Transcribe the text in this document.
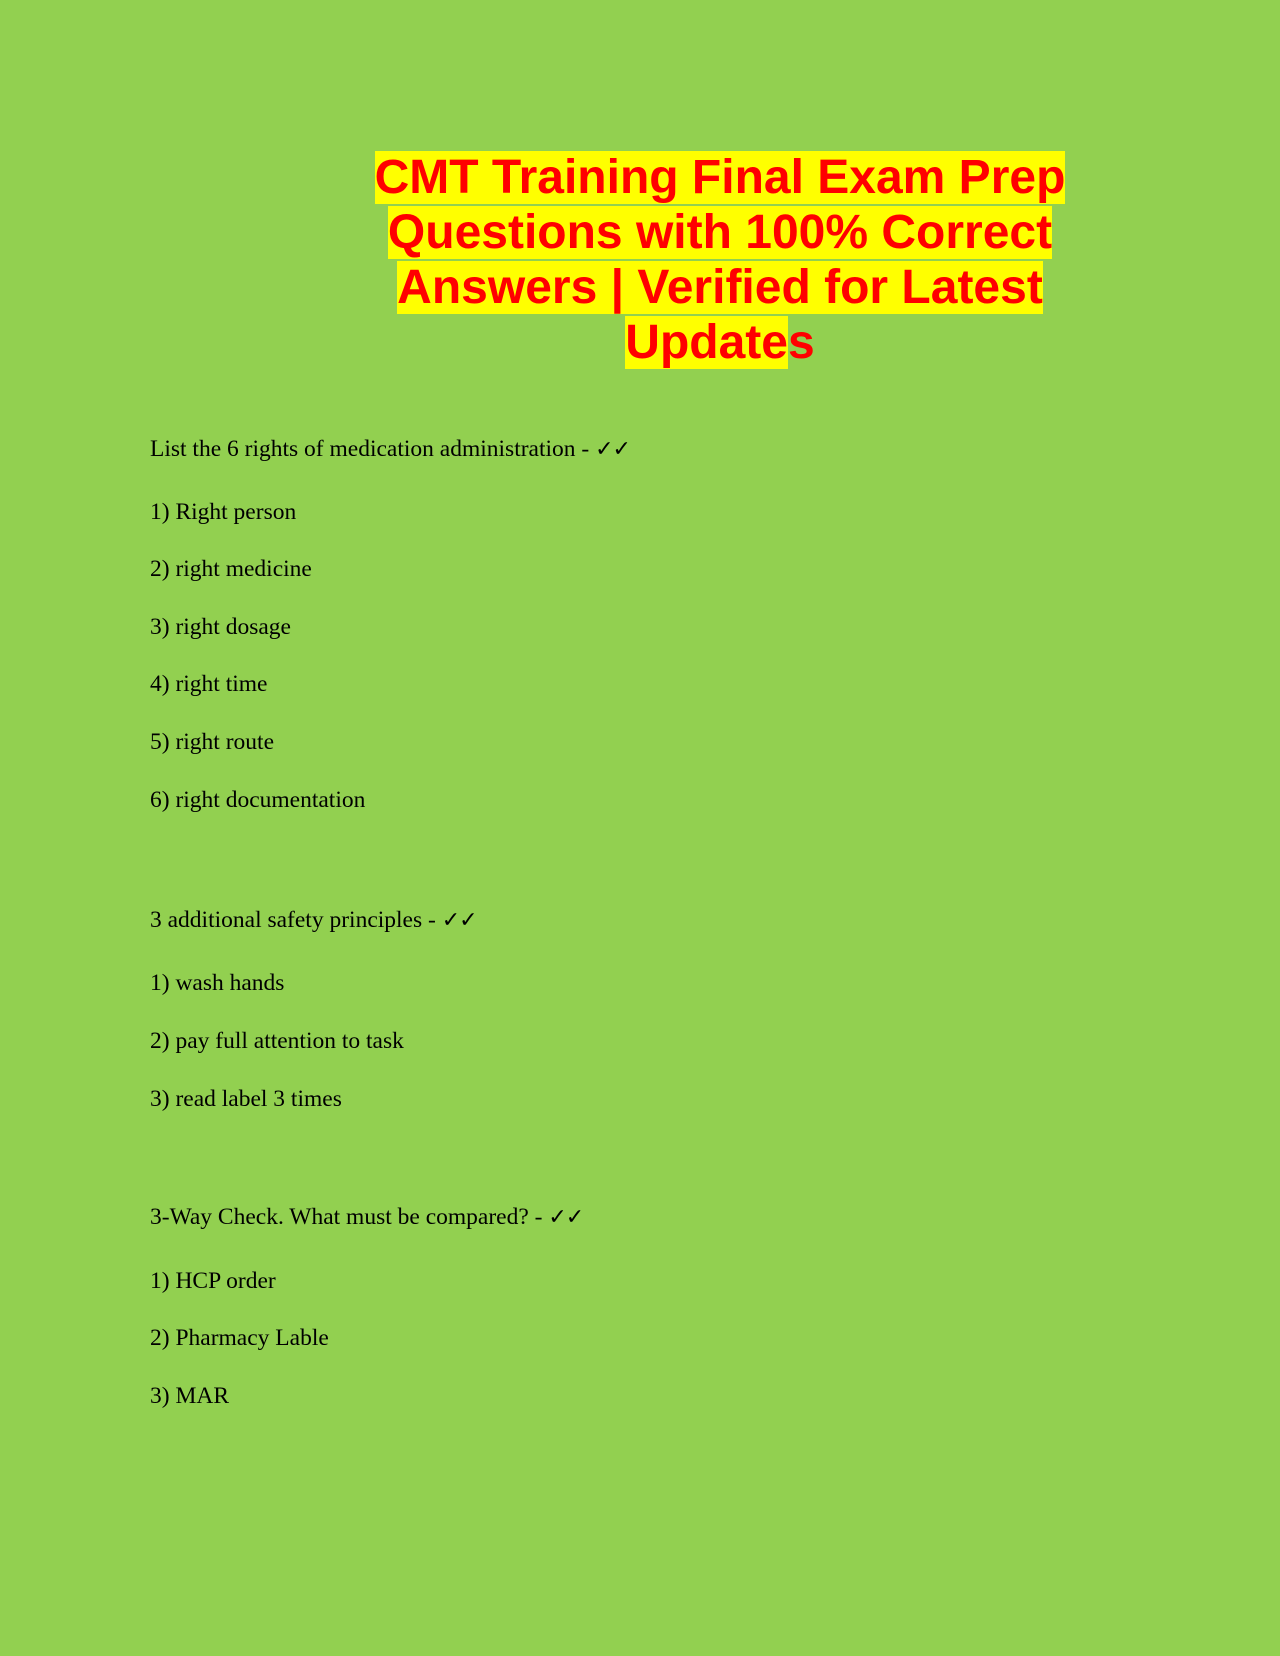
CMT Training Final Exam Prep Questions with 100% Correct Answers | Verified for Latest Updates
List the 6 rights of medication administration - ✓✓
1) Right person
2) right medicine
3) right dosage
4) right time
5) right route
6) right documentation
3 additional safety principles - ✓✓
1) wash hands
2) pay full attention to task
3) read label 3 times
3-Way Check. What must be compared? - ✓✓
1) HCP order
2) Pharmacy Lable
3) MAR
